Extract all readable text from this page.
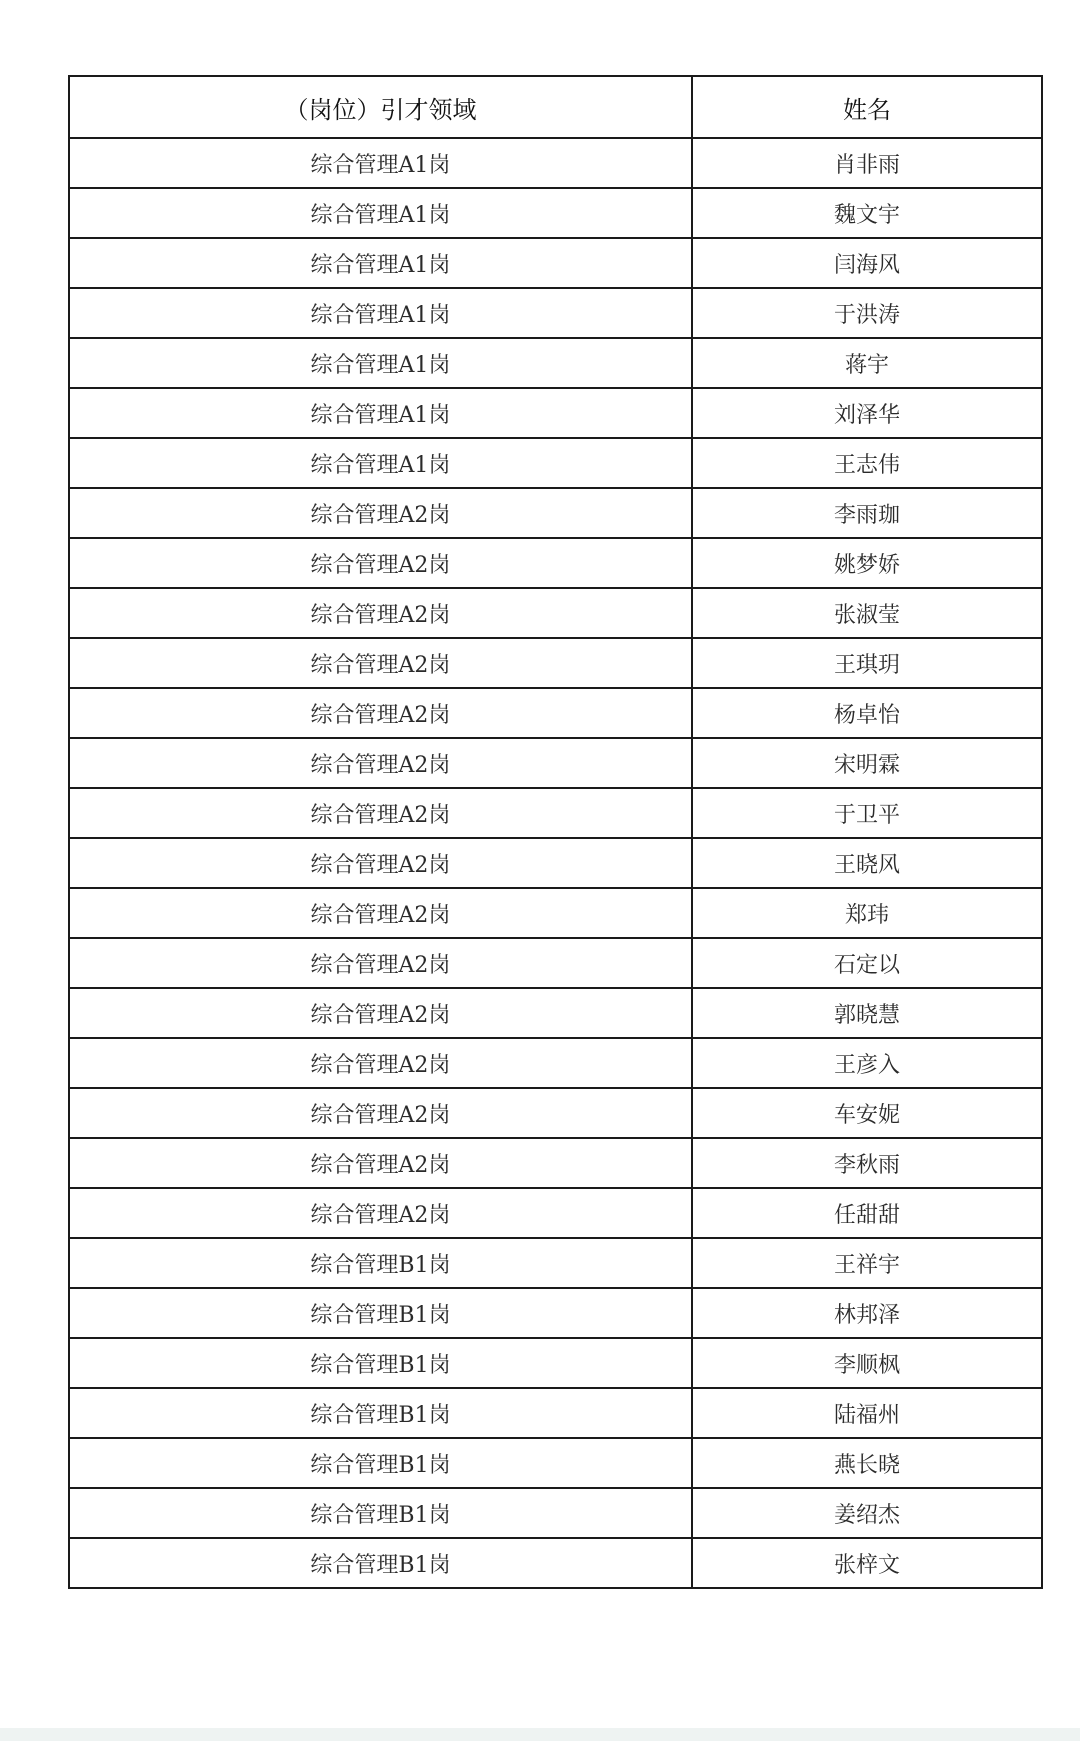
（岗位）引才领域	姓名
综合管理A1岗	肖非雨
综合管理A1岗	魏文宇
综合管理A1岗	闫海风
综合管理A1岗	于洪涛
综合管理A1岗	蒋宇
综合管理A1岗	刘泽华
综合管理A1岗	王志伟
综合管理A2岗	李雨珈
综合管理A2岗	姚梦娇
综合管理A2岗	张淑莹
综合管理A2岗	王琪玥
综合管理A2岗	杨卓怡
综合管理A2岗	宋明霖
综合管理A2岗	于卫平
综合管理A2岗	王晓风
综合管理A2岗	郑玮
综合管理A2岗	石定以
综合管理A2岗	郭晓慧
综合管理A2岗	王彦入
综合管理A2岗	车安妮
综合管理A2岗	李秋雨
综合管理A2岗	任甜甜
综合管理B1岗	王祥宇
综合管理B1岗	林邦泽
综合管理B1岗	李顺枫
综合管理B1岗	陆福州
综合管理B1岗	燕长晓
综合管理B1岗	姜绍杰
综合管理B1岗	张梓文
